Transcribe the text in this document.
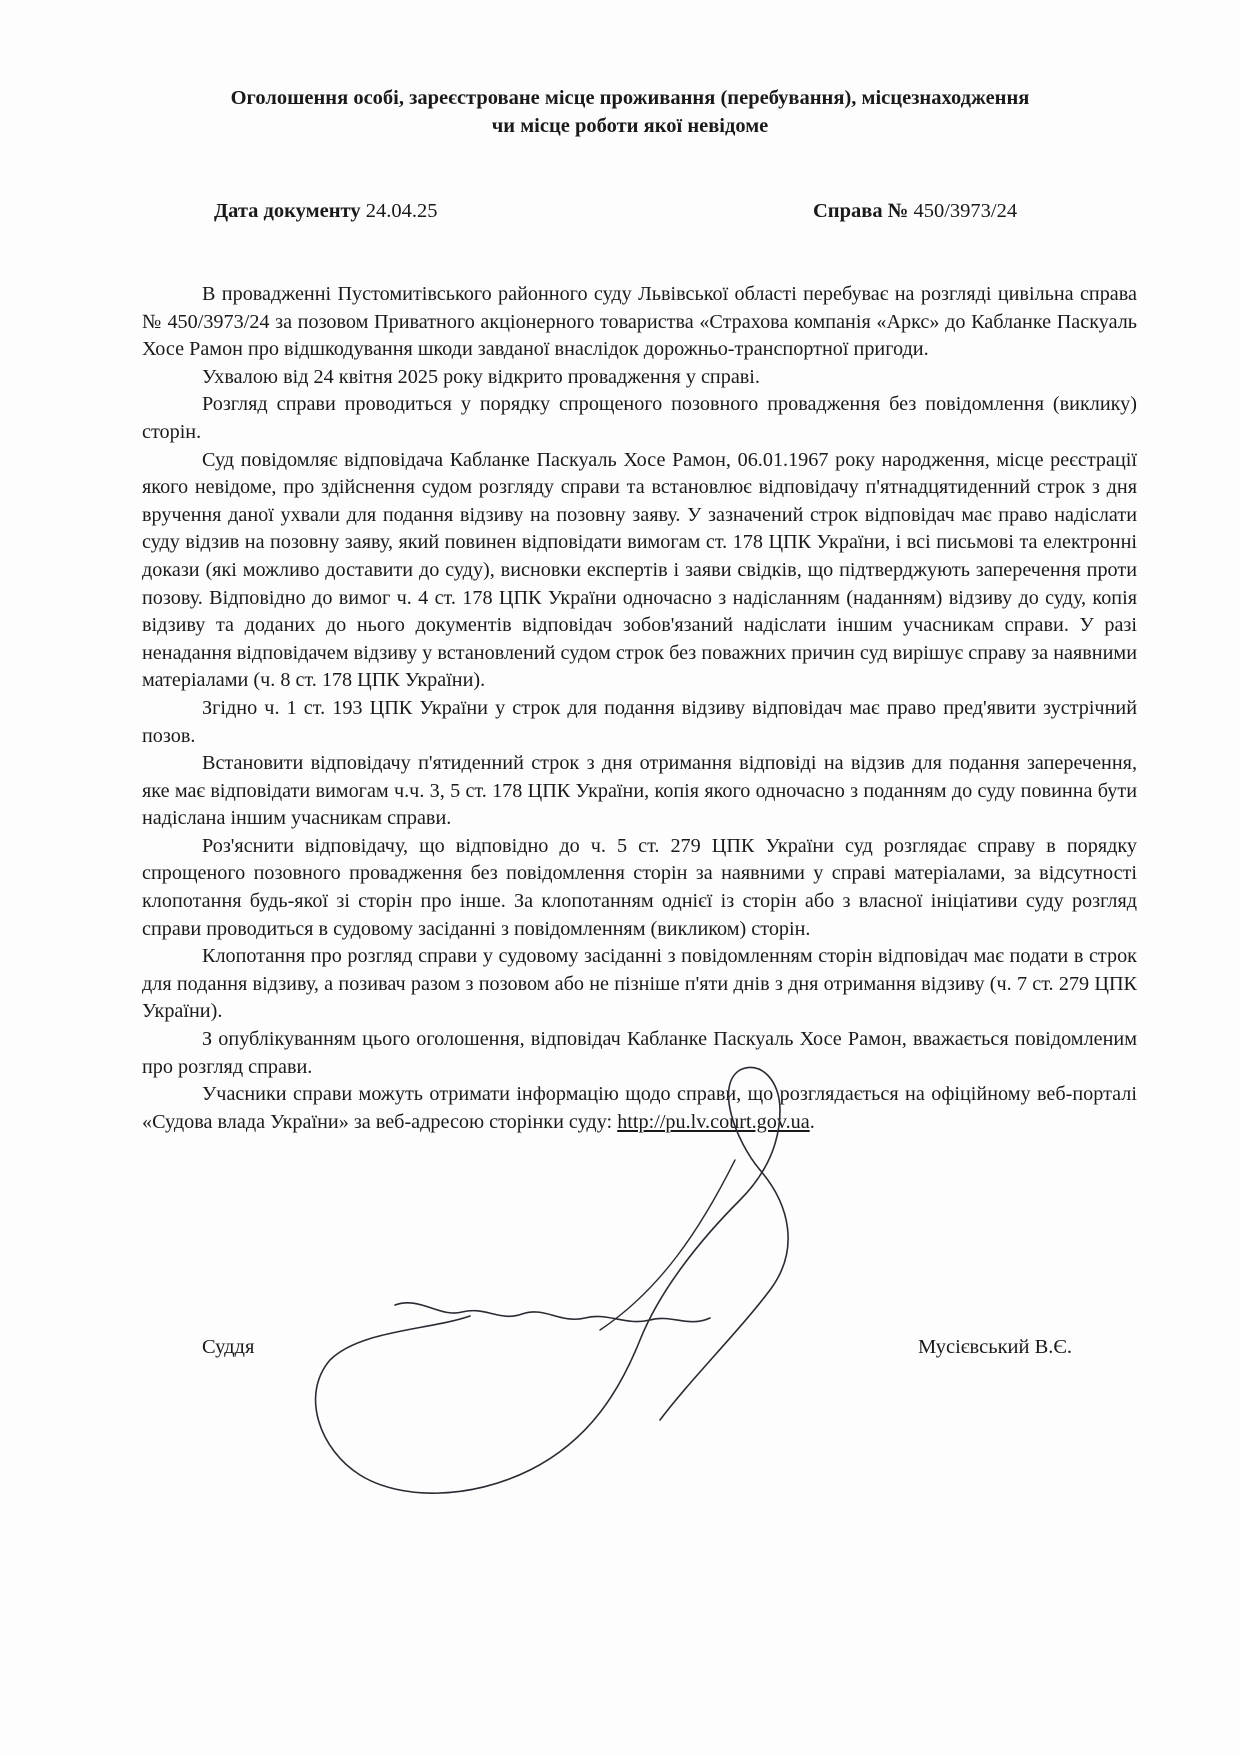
Оголошення особі, зареєстроване місце проживання (перебування), місцезнаходження
чи місце роботи якої невідоме
Дата документу 24.04.25	Справа № 450/3973/24

В провадженні Пустомитівського районного суду Львівської області перебуває на розгляді цивільна справа № 450/3973/24 за позовом Приватного акціонерного товариства «Страхова компанія «Аркс» до Кабланке Паскуаль Хосе Рамон про відшкодування шкоди завданої внаслідок дорожньо-транспортної пригоди.

Ухвалою від 24 квітня 2025 року відкрито провадження у справі.

Розгляд справи проводиться у порядку спрощеного позовного провадження без повідомлення (виклику) сторін.

Суд повідомляє відповідача Кабланке Паскуаль Хосе Рамон, 06.01.1967 року народження, місце реєстрації якого невідоме, про здійснення судом розгляду справи та встановлює відповідачу п'ятнадцятиденний строк з дня вручення даної ухвали для подання відзиву на позовну заяву. У зазначений строк відповідач має право надіслати суду відзив на позовну заяву, який повинен відповідати вимогам ст. 178 ЦПК України, і всі письмові та електронні докази (які можливо доставити до суду), висновки експертів і заяви свідків, що підтверджують заперечення проти позову. Відповідно до вимог ч. 4 ст. 178 ЦПК України одночасно з надісланням (наданням) відзиву до суду, копія відзиву та доданих до нього документів відповідач зобов'язаний надіслати іншим учасникам справи. У разі ненадання відповідачем відзиву у встановлений судом строк без поважних причин суд вирішує справу за наявними матеріалами (ч. 8 ст. 178 ЦПК України).

Згідно ч. 1 ст. 193 ЦПК України у строк для подання відзиву відповідач має право пред'явити зустрічний позов.

Встановити відповідачу п'ятиденний строк з дня отримання відповіді на відзив для подання заперечення, яке має відповідати вимогам ч.ч. 3, 5 ст. 178 ЦПК України, копія якого одночасно з поданням до суду повинна бути надіслана іншим учасникам справи.

Роз'яснити відповідачу, що відповідно до ч. 5 ст. 279 ЦПК України суд розглядає справу в порядку спрощеного позовного провадження без повідомлення сторін за наявними у справі матеріалами, за відсутності клопотання будь-якої зі сторін про інше. За клопотанням однієї із сторін або з власної ініціативи суду розгляд справи проводиться в судовому засіданні з повідомленням (викликом) сторін.

Клопотання про розгляд справи у судовому засіданні з повідомленням сторін відповідач має подати в строк для подання відзиву, а позивач разом з позовом або не пізніше п'яти днів з дня отримання відзиву (ч. 7 ст. 279 ЦПК України).

З опублікуванням цього оголошення, відповідач Кабланке Паскуаль Хосе Рамон, вважається повідомленим про розгляд справи.

Учасники справи можуть отримати інформацію щодо справи, що розглядається на офіційному веб-порталі «Судова влада України» за веб-адресою сторінки суду: http://pu.lv.court.gov.ua.

Суддя	Мусієвський В.Є.
